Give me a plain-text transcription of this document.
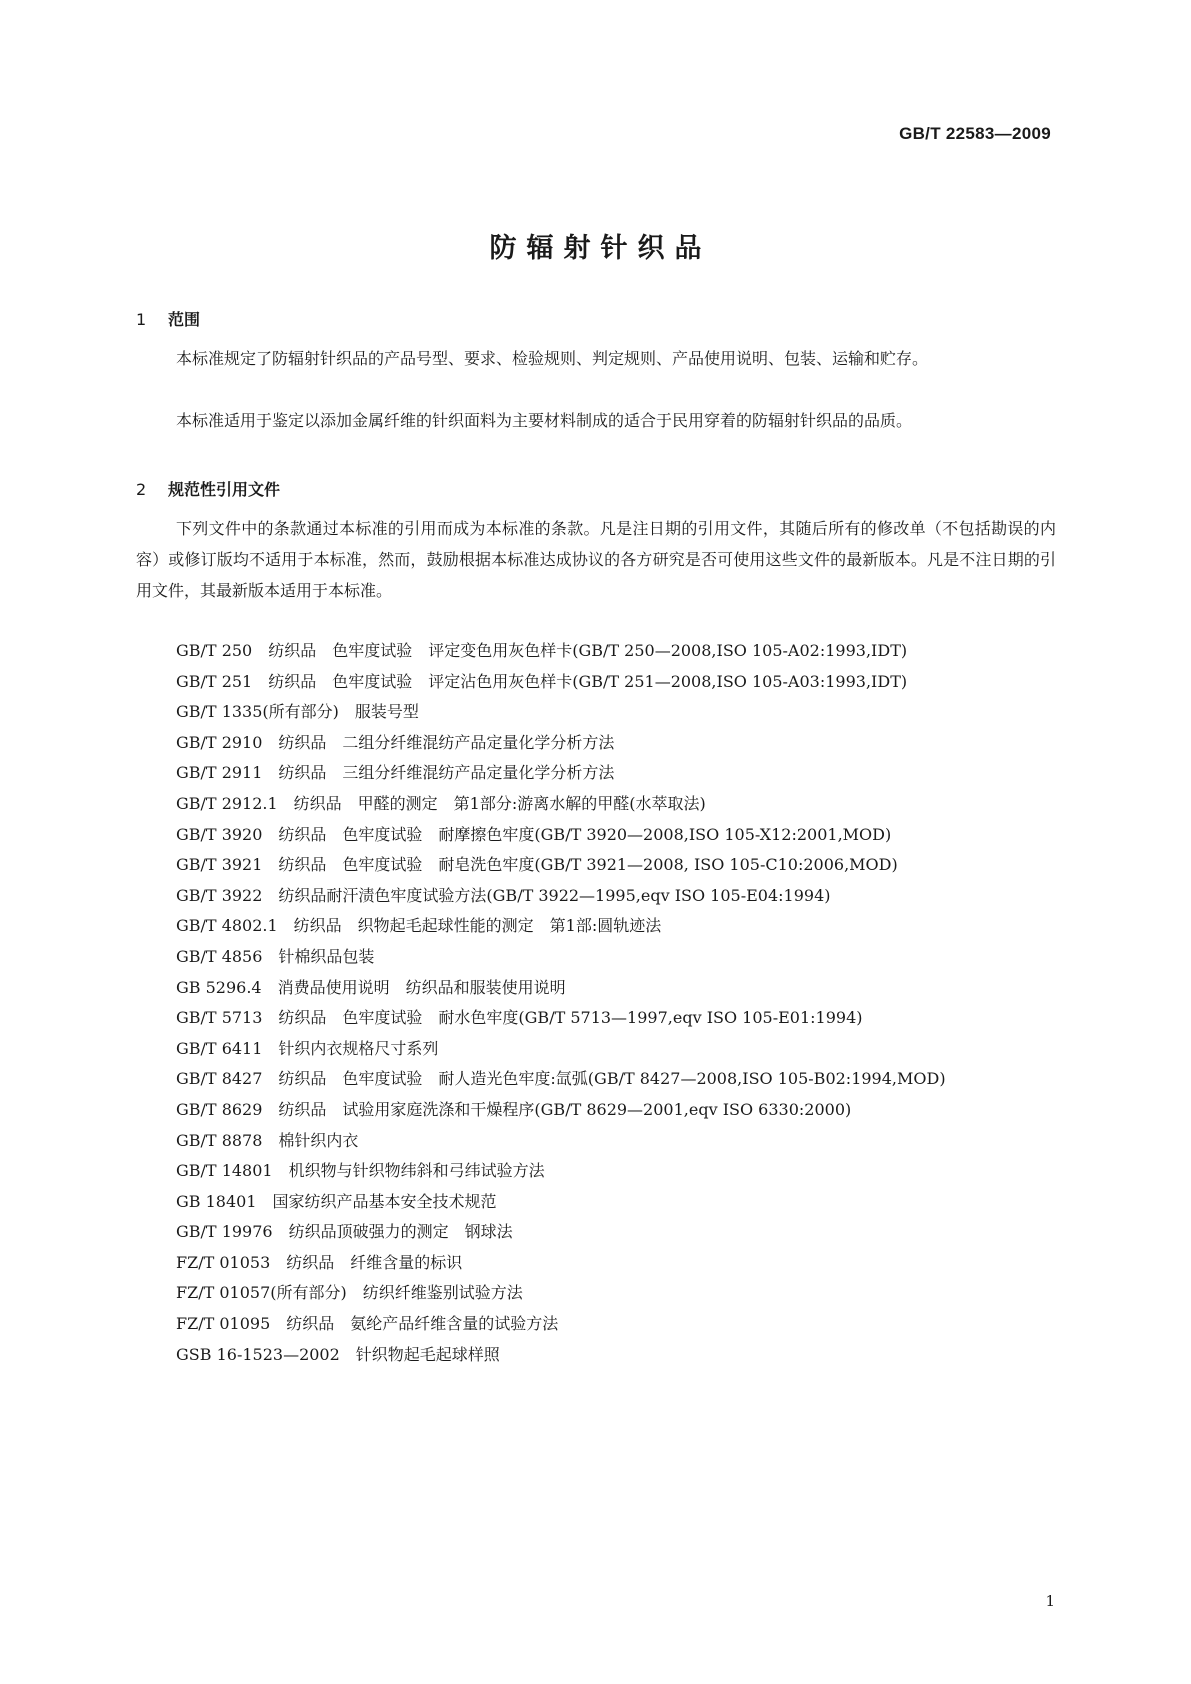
GB/T 22583—2009
防辐射针织品
1 范围
本标准规定了防辐射针织品的产品号型、要求、检验规则、判定规则、产品使用说明、包装、运输和贮存。
本标准适用于鉴定以添加金属纤维的针织面料为主要材料制成的适合于民用穿着的防辐射针织品的品质。
2 规范性引用文件
下列文件中的条款通过本标准的引用而成为本标准的条款。凡是注日期的引用文件，其随后所有的修改单（不包括勘误的内容）或修订版均不适用于本标准，然而，鼓励根据本标准达成协议的各方研究是否可使用这些文件的最新版本。凡是不注日期的引用文件，其最新版本适用于本标准。

GB/T 250　纺织品　色牢度试验　评定变色用灰色样卡(GB/T 250—2008,ISO 105-A02:1993,IDT)

GB/T 251　纺织品　色牢度试验　评定沾色用灰色样卡(GB/T 251—2008,ISO 105-A03:1993,IDT)

GB/T 1335(所有部分)　服装号型

GB/T 2910　纺织品　二组分纤维混纺产品定量化学分析方法

GB/T 2911　纺织品　三组分纤维混纺产品定量化学分析方法

GB/T 2912.1　纺织品　甲醛的测定　第1部分:游离水解的甲醛(水萃取法)

GB/T 3920　纺织品　色牢度试验　耐摩擦色牢度(GB/T 3920—2008,ISO 105-X12:2001,MOD)

GB/T 3921　纺织品　色牢度试验　耐皂洗色牢度(GB/T 3921—2008, ISO 105-C10:2006,MOD)

GB/T 3922　纺织品耐汗渍色牢度试验方法(GB/T 3922—1995,eqv ISO 105-E04:1994)

GB/T 4802.1　纺织品　织物起毛起球性能的测定　第1部:圆轨迹法

GB/T 4856　针棉织品包装

GB 5296.4　消费品使用说明　纺织品和服装使用说明

GB/T 5713　纺织品　色牢度试验　耐水色牢度(GB/T 5713—1997,eqv ISO 105-E01:1994)

GB/T 6411　针织内衣规格尺寸系列

GB/T 8427　纺织品　色牢度试验　耐人造光色牢度:氙弧(GB/T 8427—2008,ISO 105-B02:1994,MOD)

GB/T 8629　纺织品　试验用家庭洗涤和干燥程序(GB/T 8629—2001,eqv ISO 6330:2000)

GB/T 8878　棉针织内衣

GB/T 14801　机织物与针织物纬斜和弓纬试验方法

GB 18401　国家纺织产品基本安全技术规范

GB/T 19976　纺织品顶破强力的测定　钢球法

FZ/T 01053　纺织品　纤维含量的标识

FZ/T 01057(所有部分)　纺织纤维鉴别试验方法

FZ/T 01095　纺织品　氨纶产品纤维含量的试验方法

GSB 16-1523—2002　针织物起毛起球样照

1
